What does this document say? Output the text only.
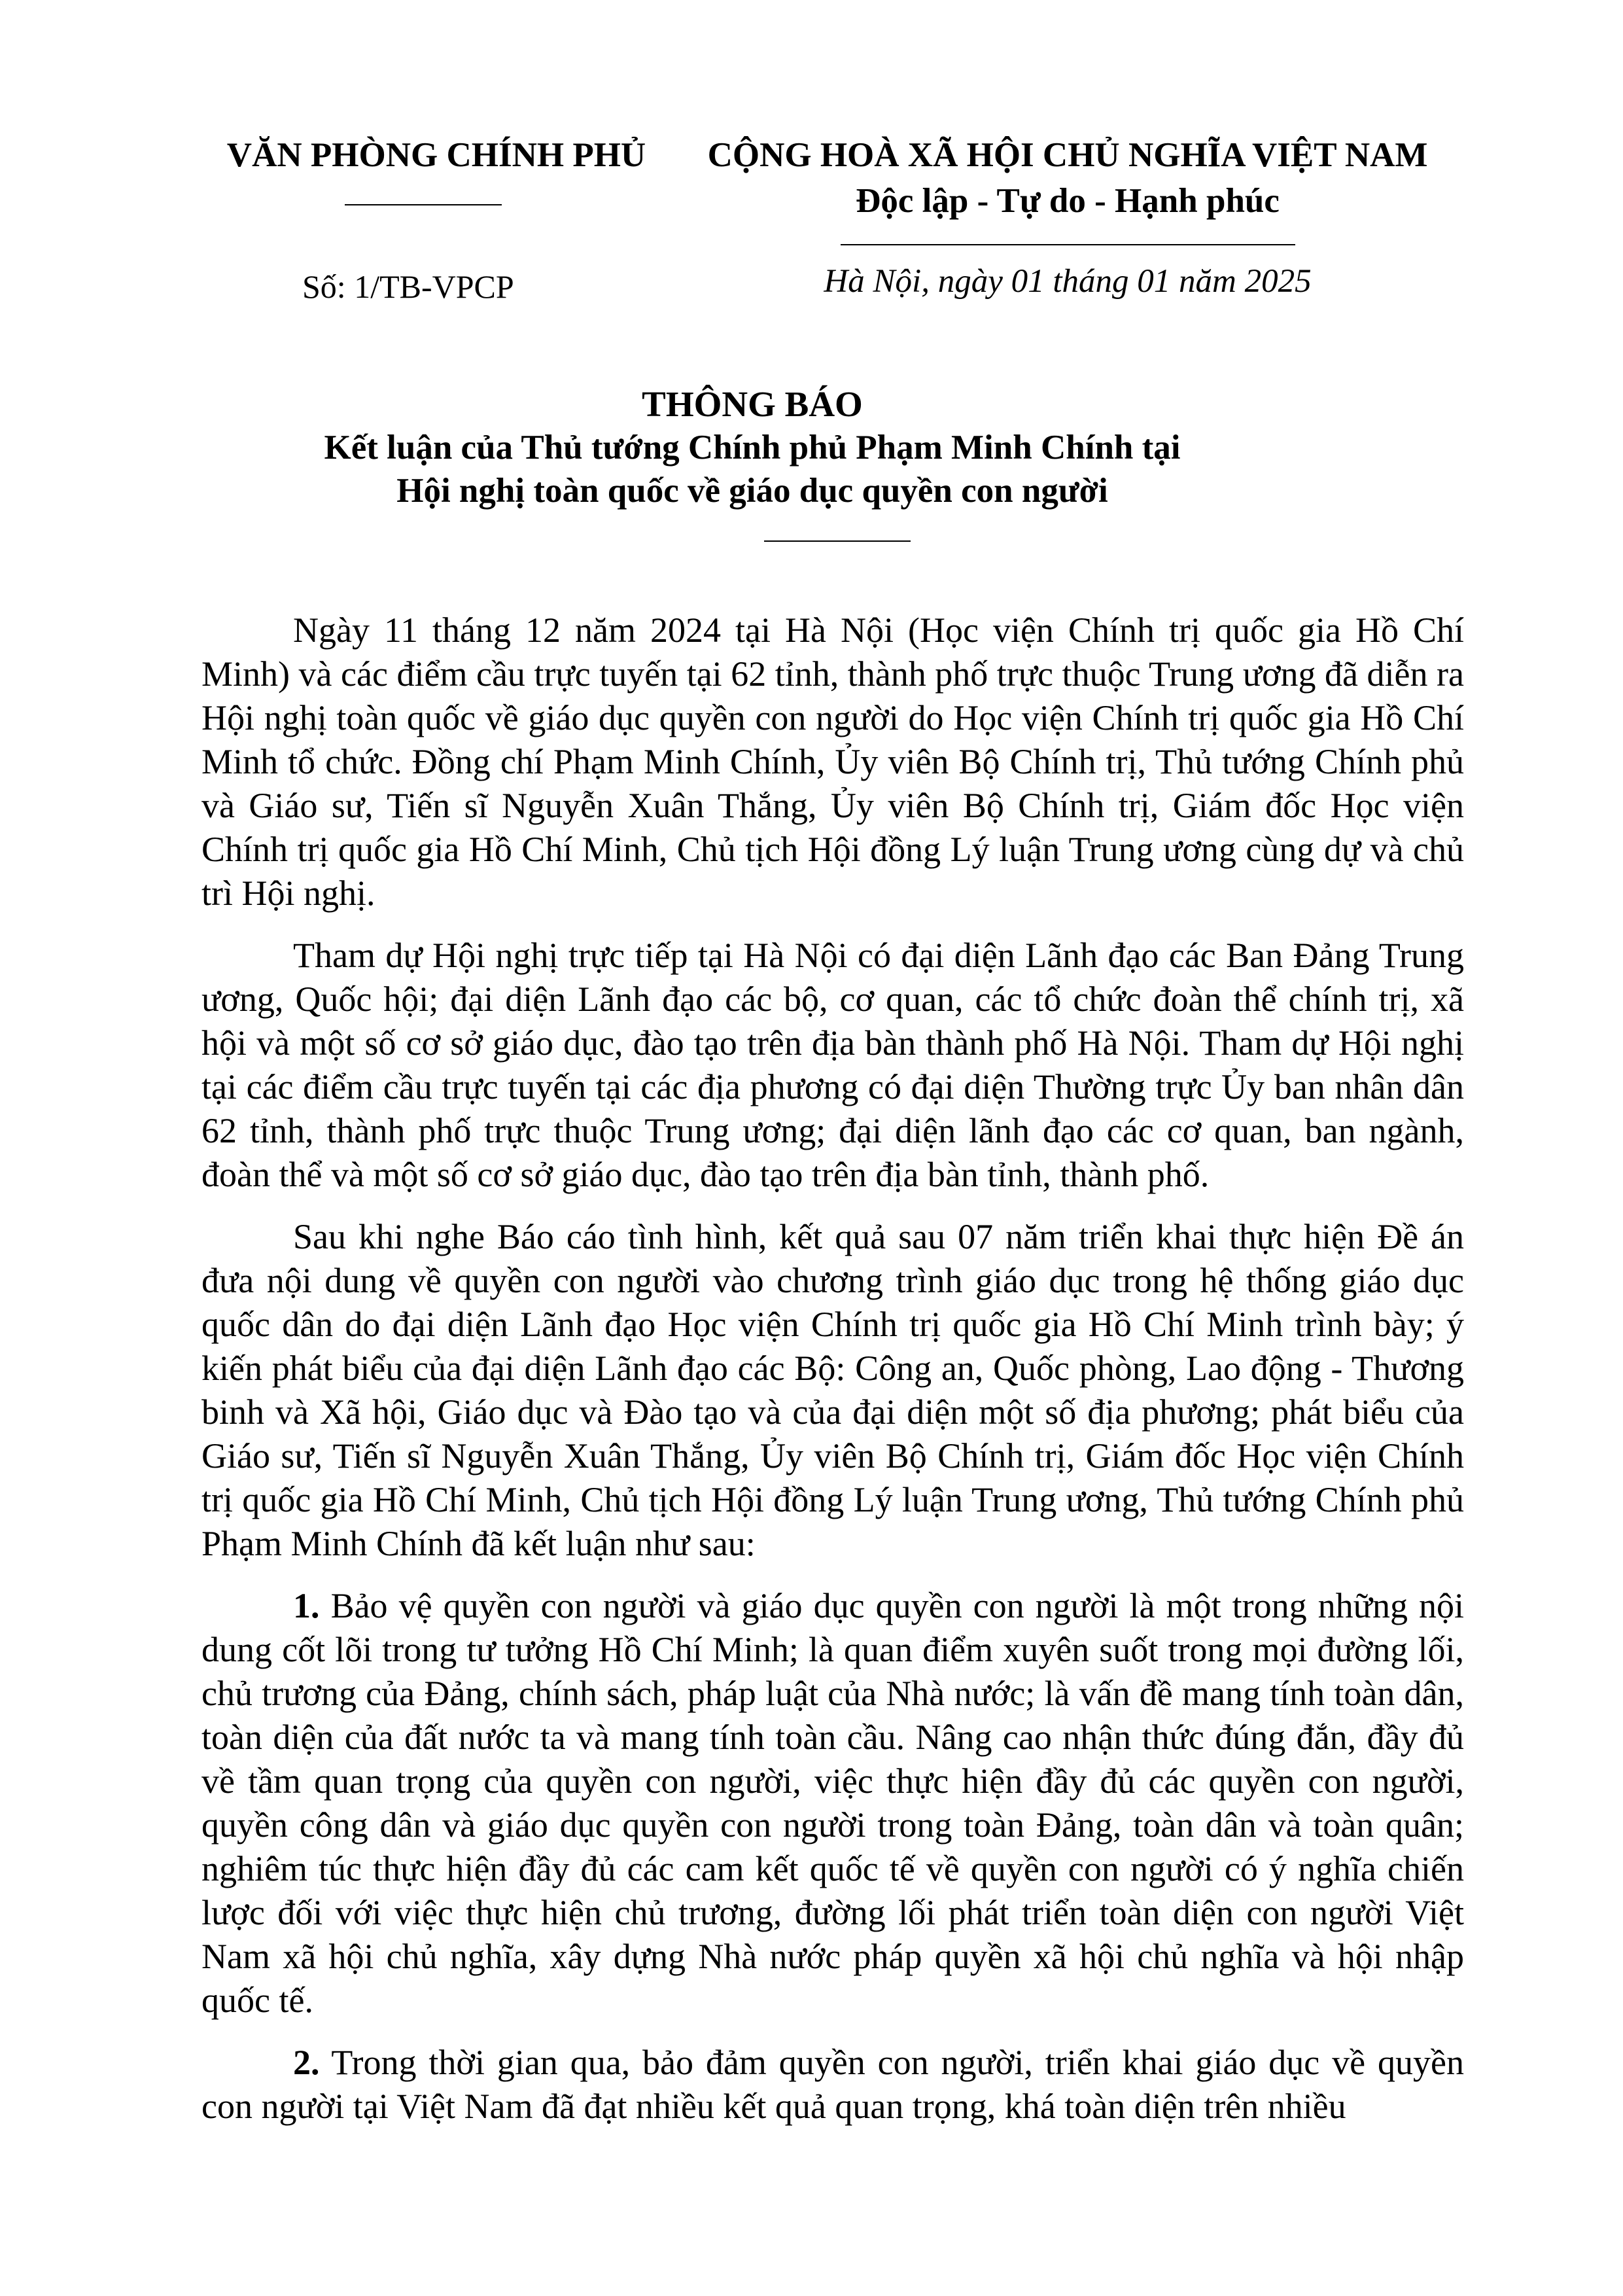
VĂN PHÒNG CHÍNH PHỦ
Số: 1/TB-VPCP
CỘNG HOÀ XÃ HỘI CHỦ NGHĨA VIỆT NAM
Độc lập - Tự do - Hạnh phúc
Hà Nội, ngày 01 tháng 01 năm 2025
THÔNG BÁO
Kết luận của Thủ tướng Chính phủ Phạm Minh Chính tại
Hội nghị toàn quốc về giáo dục quyền con người

Ngày 11 tháng 12 năm 2024 tại Hà Nội (Học viện Chính trị quốc gia Hồ Chí Minh) và các điểm cầu trực tuyến tại 62 tỉnh, thành phố trực thuộc Trung ương đã diễn ra Hội nghị toàn quốc về giáo dục quyền con người do Học viện Chính trị quốc gia Hồ Chí Minh tổ chức. Đồng chí Phạm Minh Chính, Ủy viên Bộ Chính trị, Thủ tướng Chính phủ và Giáo sư, Tiến sĩ Nguyễn Xuân Thắng, Ủy viên Bộ Chính trị, Giám đốc Học viện Chính trị quốc gia Hồ Chí Minh, Chủ tịch Hội đồng Lý luận Trung ương cùng dự và chủ trì Hội nghị.

Tham dự Hội nghị trực tiếp tại Hà Nội có đại diện Lãnh đạo các Ban Đảng Trung ương, Quốc hội; đại diện Lãnh đạo các bộ, cơ quan, các tổ chức đoàn thể chính trị, xã hội và một số cơ sở giáo dục, đào tạo trên địa bàn thành phố Hà Nội. Tham dự Hội nghị tại các điểm cầu trực tuyến tại các địa phương có đại diện Thường trực Ủy ban nhân dân 62 tỉnh, thành phố trực thuộc Trung ương; đại diện lãnh đạo các cơ quan, ban ngành, đoàn thể và một số cơ sở giáo dục, đào tạo trên địa bàn tỉnh, thành phố.

Sau khi nghe Báo cáo tình hình, kết quả sau 07 năm triển khai thực hiện Đề án đưa nội dung về quyền con người vào chương trình giáo dục trong hệ thống giáo dục quốc dân do đại diện Lãnh đạo Học viện Chính trị quốc gia Hồ Chí Minh trình bày; ý kiến phát biểu của đại diện Lãnh đạo các Bộ: Công an, Quốc phòng, Lao động - Thương binh và Xã hội, Giáo dục và Đào tạo và của đại diện một số địa phương; phát biểu của Giáo sư, Tiến sĩ Nguyễn Xuân Thắng, Ủy viên Bộ Chính trị, Giám đốc Học viện Chính trị quốc gia Hồ Chí Minh, Chủ tịch Hội đồng Lý luận Trung ương, Thủ tướng Chính phủ Phạm Minh Chính đã kết luận như sau:

1. Bảo vệ quyền con người và giáo dục quyền con người là một trong những nội dung cốt lõi trong tư tưởng Hồ Chí Minh; là quan điểm xuyên suốt trong mọi đường lối, chủ trương của Đảng, chính sách, pháp luật của Nhà nước; là vấn đề mang tính toàn dân, toàn diện của đất nước ta và mang tính toàn cầu. Nâng cao nhận thức đúng đắn, đầy đủ về tầm quan trọng của quyền con người, việc thực hiện đầy đủ các quyền con người, quyền công dân và giáo dục quyền con người trong toàn Đảng, toàn dân và toàn quân; nghiêm túc thực hiện đầy đủ các cam kết quốc tế về quyền con người có ý nghĩa chiến lược đối với việc thực hiện chủ trương, đường lối phát triển toàn diện con người Việt Nam xã hội chủ nghĩa, xây dựng Nhà nước pháp quyền xã hội chủ nghĩa và hội nhập quốc tế.

2. Trong thời gian qua, bảo đảm quyền con người, triển khai giáo dục về quyền con người tại Việt Nam đã đạt nhiều kết quả quan trọng, khá toàn diện trên nhiều
